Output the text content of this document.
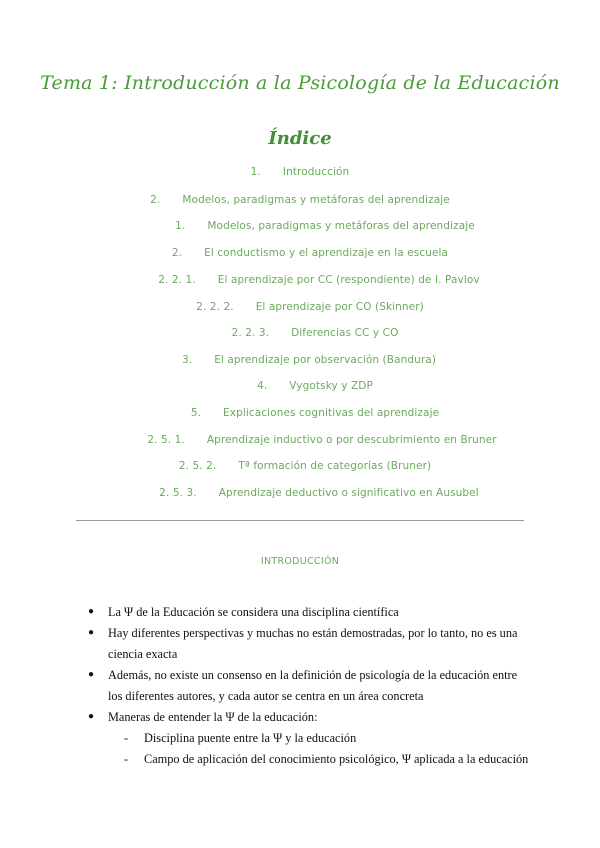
Tema 1: Introducción a la Psicología de la Educación
Índice
1. Introducción
2. Modelos, paradigmas y metáforas del aprendizaje
1. Modelos, paradigmas y metáforas del aprendizaje
2. El conductismo y el aprendizaje en la escuela
2. 2. 1. El aprendizaje por CC (respondiente) de I. Pavlov
2. 2. 2. El aprendizaje por CO (Skinner)
2. 2. 3. Diferencias CC y CO
3. El aprendizaje por observación (Bandura)
4. Vygotsky y ZDP
5. Explicaciones cognitivas del aprendizaje
2. 5. 1. Aprendizaje inductivo o por descubrimiento en Bruner
2. 5. 2. Tª formación de categorías (Bruner)
2. 5. 3. Aprendizaje deductivo o significativo en Ausubel
INTRODUCCIÓN
● La Ψ de la Educación se considera una disciplina científica
● Hay diferentes perspectivas y muchas no están demostradas, por lo tanto, no es una
ciencia exacta
● Además, no existe un consenso en la definición de psicología de la educación entre
los diferentes autores, y cada autor se centra en un área concreta
● Maneras de entender la Ψ de la educación:
- Disciplina puente entre la Ψ y la educación
- Campo de aplicación del conocimiento psicológico, Ψ aplicada a la educación
